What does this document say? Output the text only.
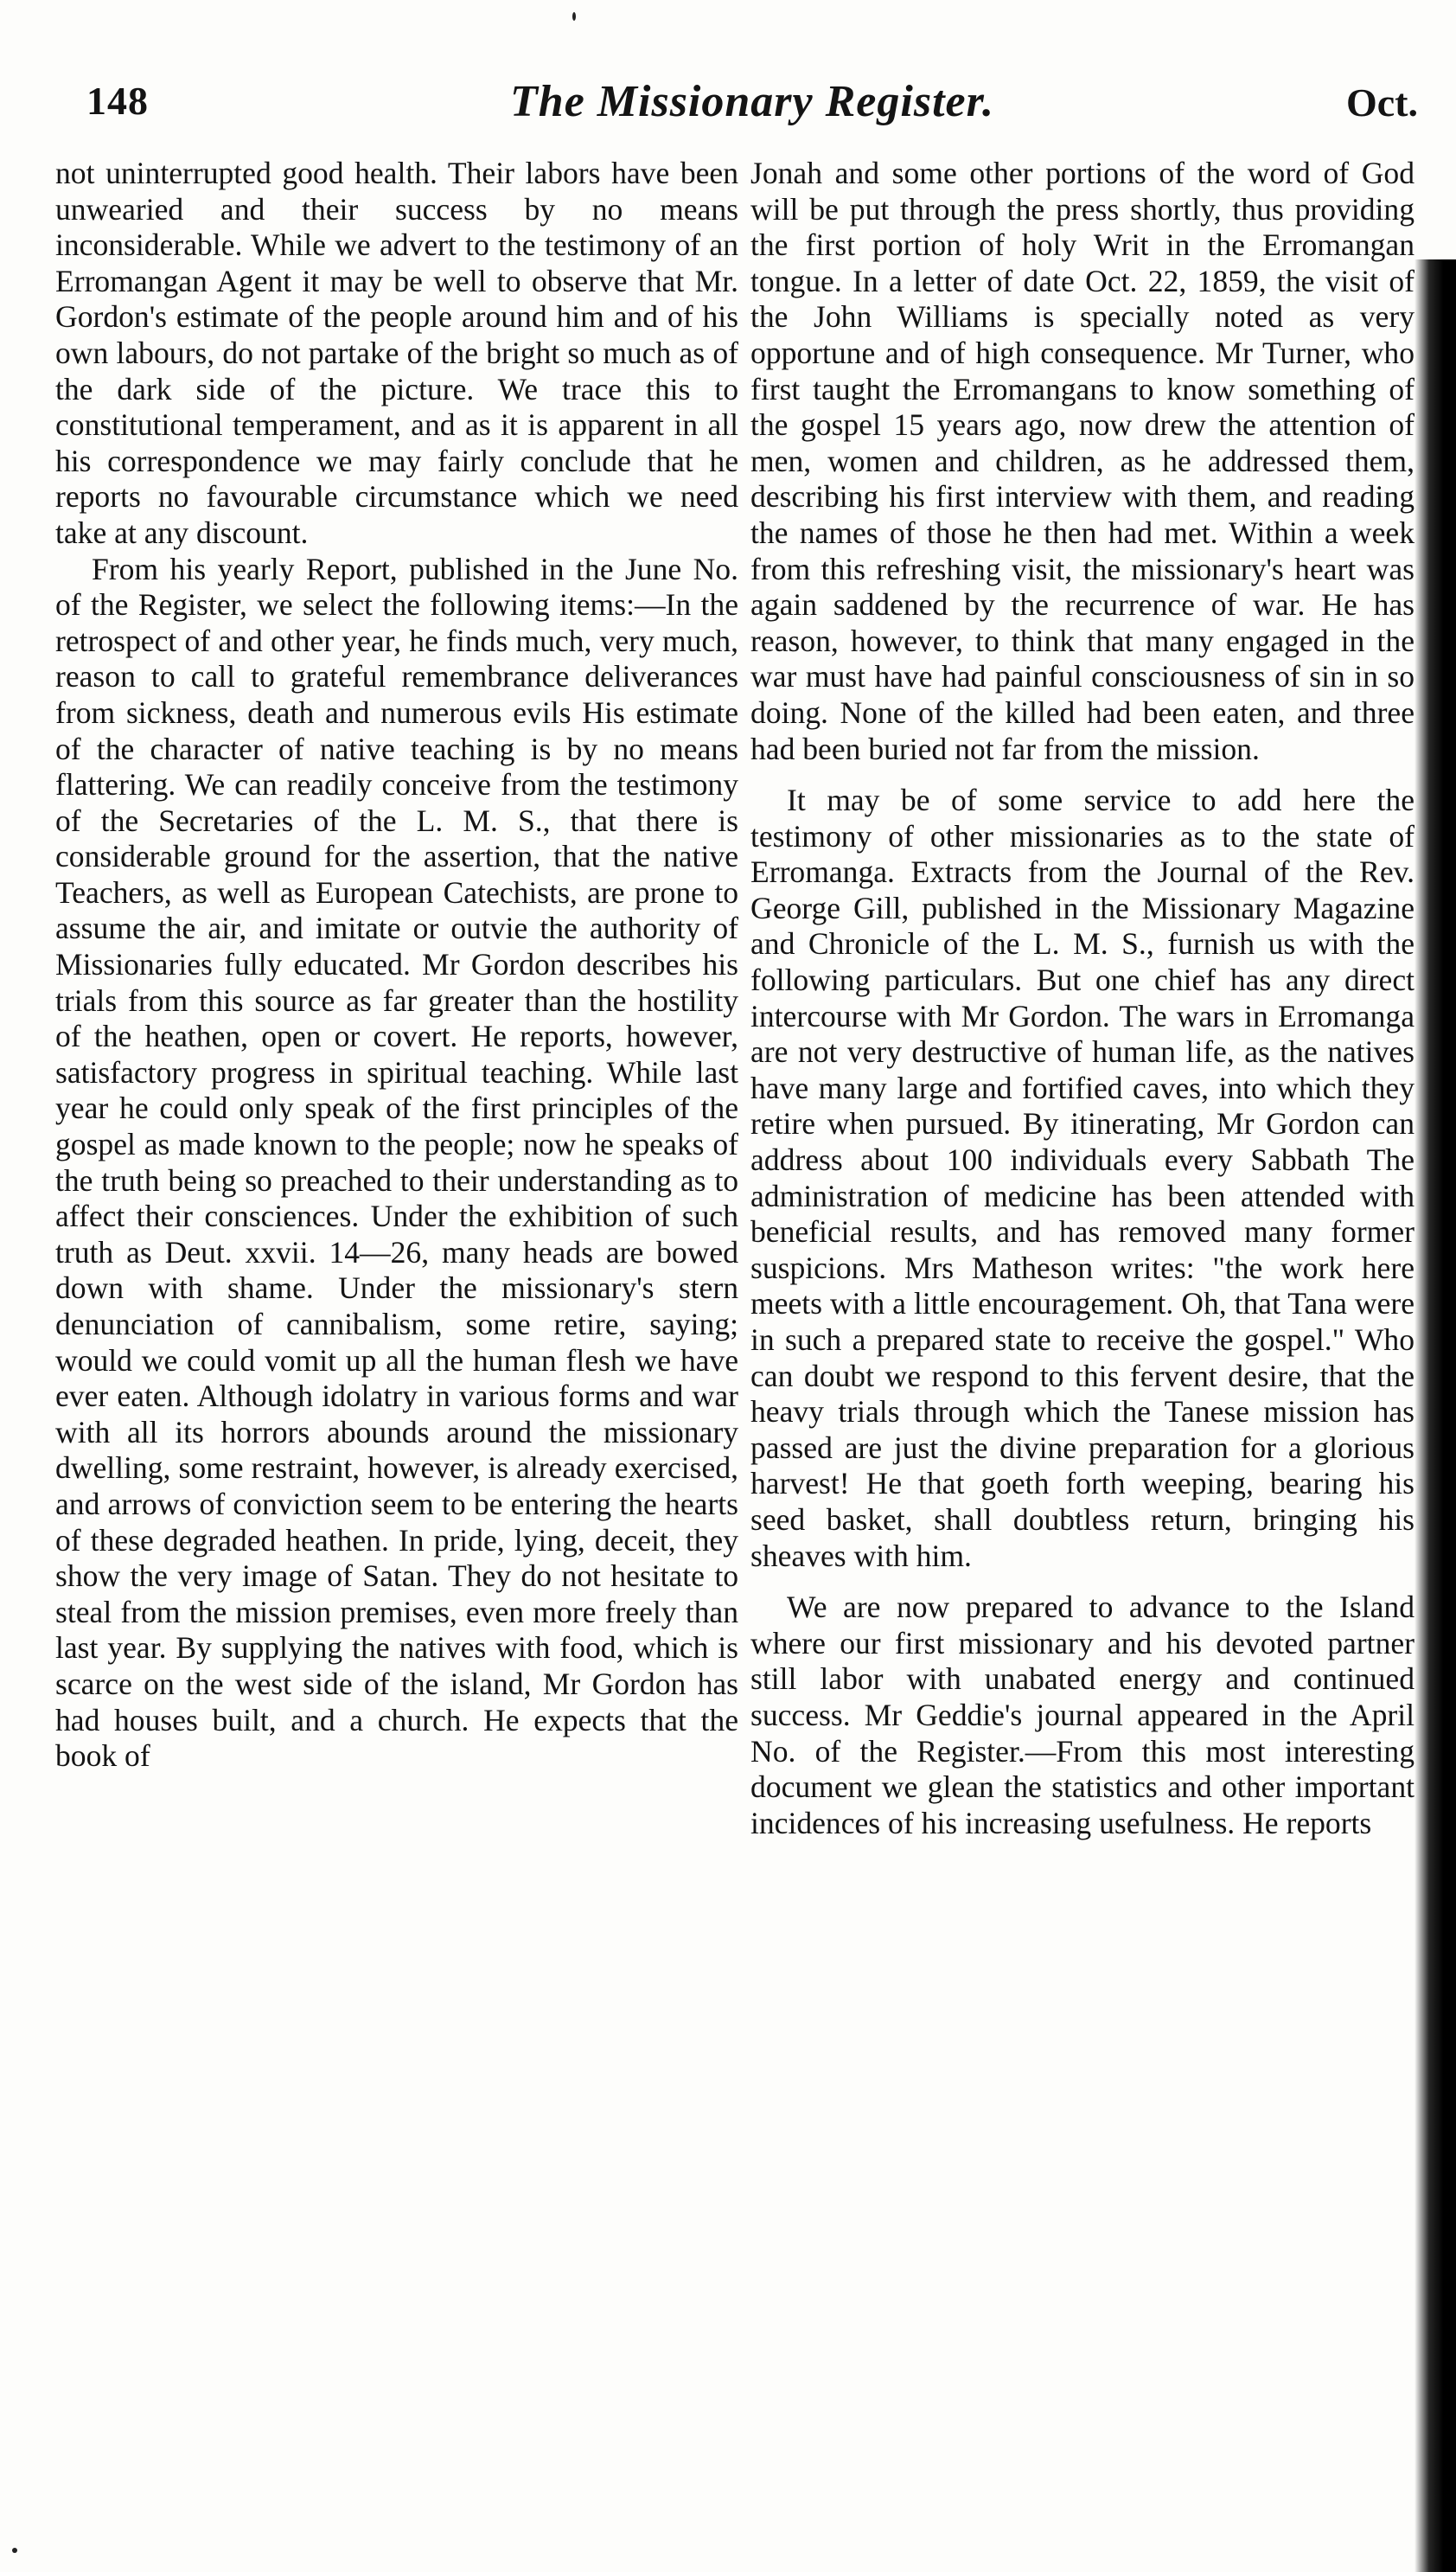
148	The Missionary Register.	Oct.

not uninterrupted good health. Their labors have been unwearied and their success by no means inconsiderable. While we advert to the testimony of an Erromangan Agent it may be well to observe that Mr. Gordon's estimate of the people around him and of his own labours, do not partake of the bright so much as of the dark side of the picture. We trace this to constitutional temperament, and as it is apparent in all his correspondence we may fairly conclude that he reports no favourable circumstance which we need take at any discount.

From his yearly Report, published in the June No. of the Register, we select the following items:—In the retrospect of and other year, he finds much, very much, reason to call to grateful remembrance deliverances from sickness, death and numerous evils His estimate of the character of native teaching is by no means flattering. We can readily conceive from the testimony of the Secretaries of the L. M. S., that there is considerable ground for the assertion, that the native Teachers, as well as European Catechists, are prone to assume the air, and imitate or outvie the authority of Missionaries fully educated. Mr Gordon describes his trials from this source as far greater than the hostility of the heathen, open or covert. He reports, however, satisfactory progress in spiritual teaching. While last year he could only speak of the first principles of the gospel as made known to the people; now he speaks of the truth being so preached to their understanding as to affect their consciences. Under the exhibition of such truth as Deut. xxvii. 14—26, many heads are bowed down with shame. Under the missionary's stern denunciation of cannibalism, some retire, saying; would we could vomit up all the human flesh we have ever eaten. Although idolatry in various forms and war with all its horrors abounds around the missionary dwelling, some restraint, however, is already exercised, and arrows of conviction seem to be entering the hearts of these degraded heathen. In pride, lying, deceit, they show the very image of Satan. They do not hesitate to steal from the mission premises, even more freely than last year. By supplying the natives with food, which is scarce on the west side of the island, Mr Gordon has had houses built, and a church. He expects that the book of

Jonah and some other portions of the word of God will be put through the press shortly, thus providing the first portion of holy Writ in the Erromangan tongue. In a letter of date Oct. 22, 1859, the visit of the John Williams is specially noted as very opportune and of high consequence. Mr Turner, who first taught the Erromangans to know something of the gospel 15 years ago, now drew the attention of men, women and children, as he addressed them, describing his first interview with them, and reading the names of those he then had met. Within a week from this refreshing visit, the missionary's heart was again saddened by the recurrence of war. He has reason, however, to think that many engaged in the war must have had painful consciousness of sin in so doing. None of the killed had been eaten, and three had been buried not far from the mission.

It may be of some service to add here the testimony of other missionaries as to the state of Erromanga. Extracts from the Journal of the Rev. George Gill, published in the Missionary Magazine and Chronicle of the L. M. S., furnish us with the following particulars. But one chief has any direct intercourse with Mr Gordon. The wars in Erromanga are not very destructive of human life, as the natives have many large and fortified caves, into which they retire when pursued. By itinerating, Mr Gordon can address about 100 individuals every Sabbath The administration of medicine has been attended with beneficial results, and has removed many former suspicions. Mrs Matheson writes: "the work here meets with a little encouragement. Oh, that Tana were in such a prepared state to receive the gospel." Who can doubt we respond to this fervent desire, that the heavy trials through which the Tanese mission has passed are just the divine preparation for a glorious harvest! He that goeth forth weeping, bearing his seed basket, shall doubtless return, bringing his sheaves with him.

We are now prepared to advance to the Island where our first missionary and his devoted partner still labor with unabated energy and continued success. Mr Geddie's journal appeared in the April No. of the Register.—From this most interesting document we glean the statistics and other important incidences of his increasing usefulness. He reports
